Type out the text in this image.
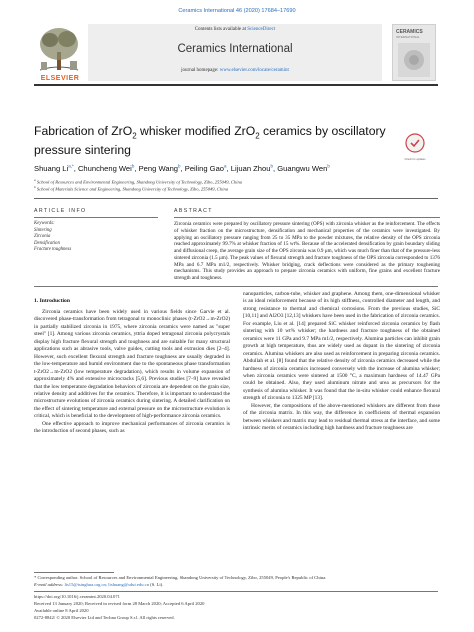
Ceramics International 46 (2020) 17684–17690
ELSEVIER
Contents lists available at ScienceDirect
Ceramics International
journal homepage: www.elsevier.com/locate/ceramint
CERAMICS
INTERNATIONAL
Fabrication of ZrO$_2$ whisker modified ZrO$_2$ ceramics by oscillatory pressure sintering
Check for updates
Shuang $Li^{a,*}$, Chuncheng Wei$^b$, Peng Wang$^b$, Peiling Gao$^a$, Lijuan Zhou$^b$, Guangwu Wen$^b$
$^a$ School of Resources and Environmental Engineering, Shandong University of Technology, Zibo, 255049, China
$^b$ School of Materials Science and Engineering, Shandong University of Technology, Zibo, 255049, China
ARTICLE INFO
Keywords:
Sintering
Zirconia
Densification
Fracture toughness
ABSTRACT
Zirconia ceramics were prepared by oscillatory pressure sintering (OPS) with zirconia whisker as the reinforcement. The effects of whisker fraction on the microstructure, densification and mechanical properties of the ceramics were investigated. By applying an oscillatory pressure ranging from 25 to 35 MPa to the powder mixtures, the relative density of the OPS zirconia reached approximately 99.7% at whisker fraction of 15 wt%. Because of the accelerated densification by grain boundary sliding and diffusional creep, the average grain size of the OPS zirconia was 0.9 μm, which was much finer than that of the pressure-less sintered zirconia (1.5 μm). The peak values of flexural strength and fracture toughness of the OPS zirconia corresponded to 1376 MPa and 6.7 MPa m1/2, respectively. Whisker bridging, crack deflections were considered as the primary toughening mechanisms. This study provides an approach to prepare zirconia ceramics with uniform, fine grains and excellent fracture strength and toughness.
1. Introduction

Zirconia ceramics have been widely used in various fields since Garvie et al. discovered phase-transformation from tetragonal to monoclinic phases (t-ZrO2→m-ZrO2) in partially stabilized zirconia in 1975, where zirconia ceramics were named as "super steel" [1]. Among various zirconia ceramics, yttria doped tetragonal zirconia polycrystals display high fracture flexural strength and toughness and are suitable for many structural applications such as abrasive tools, valve guides, cutting tools and extrusion dies [2–4]. However, such excellent flexural strength and fracture toughness are usually degraded in the low-temperature and humid environment due to the spontaneous phase transformation t-ZrO2→m-ZrO2 (low temperature degradation), which results in volume expansion of approximately 4% and extensive microcracks [5,6]. Previous studies [7–9] have revealed that the low temperature degradation behaviors of zirconia are dependent on the grain size, relative density and additives for the ceramics. Therefore, it is important to understand the microstructure evolutions of zirconia ceramics during sintering. A detailed clarification on the effect of sintering temperature and external pressure on the microstructure evolution is critical, which is beneficial to the development of high-performance zirconia ceramics.

One effective approach to improve mechanical performances of zirconia ceramics is the introduction of second phases, such as

nanoparticles, carbon-tube, whisker and graphene. Among them, one-dimensional whisker is an ideal reinforcement because of its high stiffness, controlled diameter and length, and strong resistance to thermal and chemical corrosions. From the previous studies, SiC [10,11] and Al2O3 [12,13] whiskers have been used in the fabrication of zirconia ceramics. For example, Liu et al. [14] prepared SiC whisker reinforced zirconia ceramics by flash sintering with 10 wt% whisker; the hardness and fracture toughness of the obtained ceramics were 11 GPa and 9.7 MPa m1/2, respectively. Alumina particles can inhibit grain growth at high temperature, thus are widely used as dopant in the sintering of zirconia ceramics. Alumina whiskers are also used as reinforcement in preparing zirconia ceramics. Abdullah et al. [8] found that the relative density of zirconia ceramics decreased while the hardness of zirconia ceramics increased conversely with the increase of alumina whisker; when zirconia ceramics were sintered at 1500 °C, a maximum hardness of 14.47 GPa could be obtained. Also, they used aluminum nitrate and urea as precursors for the synthesis of alumina whisker. It was found that the in-situ whisker could enhance flexural strength of zirconia to 1325 MP [13].

However, the compositions of the above-mentioned whiskers are different from those of the zirconia matrix. In this way, the difference in coefficients of thermal expansion between whiskers and matrix may lead to residual thermal stress at the interface, and some intrinsic merits of ceramics including high hardness and fracture toughness are

* Corresponding author. School of Resources and Environmental Engineering, Shandong University of Technology, Zibo, 255049, People's Republic of China.
E-mail address: lis15@tsinghua.org.cn; lishuang@sdut.edu.cn (S. Li).
https://doi.org/10.1016/j.ceramint.2020.04.071
Received 13 January 2020; Received in revised form 28 March 2020; Accepted 6 April 2020
Available online 8 April 2020
0272-8842/ © 2020 Elsevier Ltd and Techna Group S.r.l. All rights reserved.
